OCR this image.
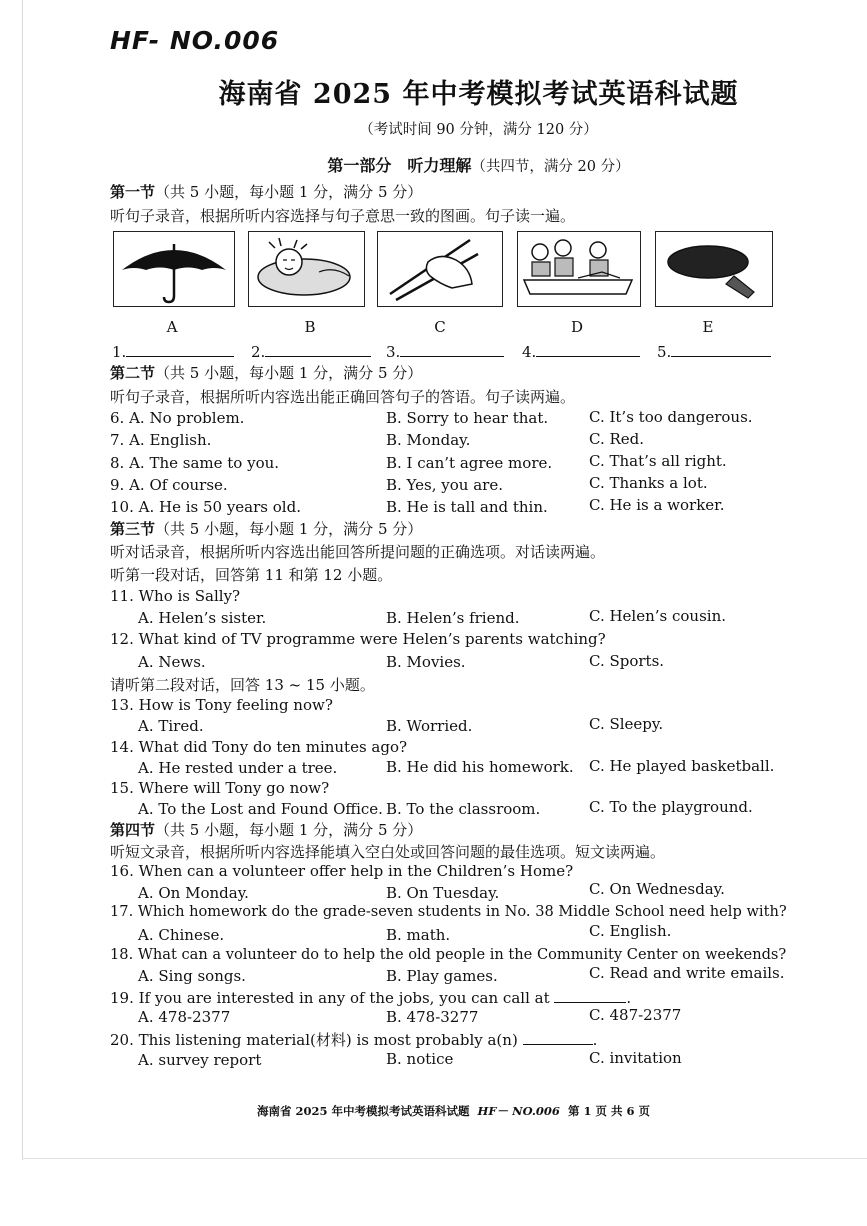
HF- NO.006
海南省 2025 年中考模拟考试英语科试题
（考试时间 90 分钟，满分 120 分）
第一部分　听力理解（共四节，满分 20 分）
第一节（共 5 小题，每小题 1 分，满分 5 分）
听句子录音，根据所听内容选择与句子意思一致的图画。句子读一遍。
A	B	C	D	E
1.	2.	3.	4.	5.
第二节（共 5 小题，每小题 1 分，满分 5 分）
听句子录音，根据所听内容选出能正确回答句子的答语。句子读两遍。
6. A. No problem.	B. Sorry to hear that.	C. It’s too dangerous.
7. A. English.	B. Monday.	C. Red.
8. A. The same to you.	B. I can’t agree more. C. That’s all right.
9. A. Of course.	B. Yes, you are.	C. Thanks a lot.
10. A. He is 50 years old.	B. He is tall and thin.	C. He is a worker.
第三节（共 5 小题，每小题 1 分，满分 5 分）
听对话录音，根据所听内容选出能回答所提问题的正确选项。对话读两遍。
听第一段对话，回答第 11 和第 12 小题。
11. Who is Sally?
A. Helen’s sister.	B. Helen’s friend.	C. Helen’s cousin.
12. What kind of TV programme were Helen’s parents watching?
A. News.	B. Movies.	C. Sports.
请听第二段对话，回答 13 ~ 15 小题。
13. How is Tony feeling now?
A. Tired.	B. Worried.	C. Sleepy.
14. What did Tony do ten minutes ago?
A. He rested under a tree.	B. He did his homework. C. He played basketball.
15. Where will Tony go now?
A. To the Lost and Found Office. B. To the classroom.	C. To the playground.
第四节（共 5 小题，每小题 1 分，满分 5 分）
听短文录音，根据所听内容选择能填入空白处或回答问题的最佳选项。短文读两遍。
16. When can a volunteer offer help in the Children’s Home?
A. On Monday.	B. On Tuesday.	C. On Wednesday.
17. Which homework do the grade-seven students in No. 38 Middle School need help with?
A. Chinese.	B. math.	C. English.
18. What can a volunteer do to help the old people in the Community Center on weekends?
A. Sing songs.	B. Play games.	C. Read and write emails.
19. If you are interested in any of the jobs, you can call at	.
A. 478-2377	B. 478-3277	C. 487-2377
20. This listening material(材料) is most probably a(n)	.
A. survey report	B. notice	C. invitation
海南省 2025 年中考模拟考试英语科试题 HF－ NO.006 第 1 页 共 6 页
